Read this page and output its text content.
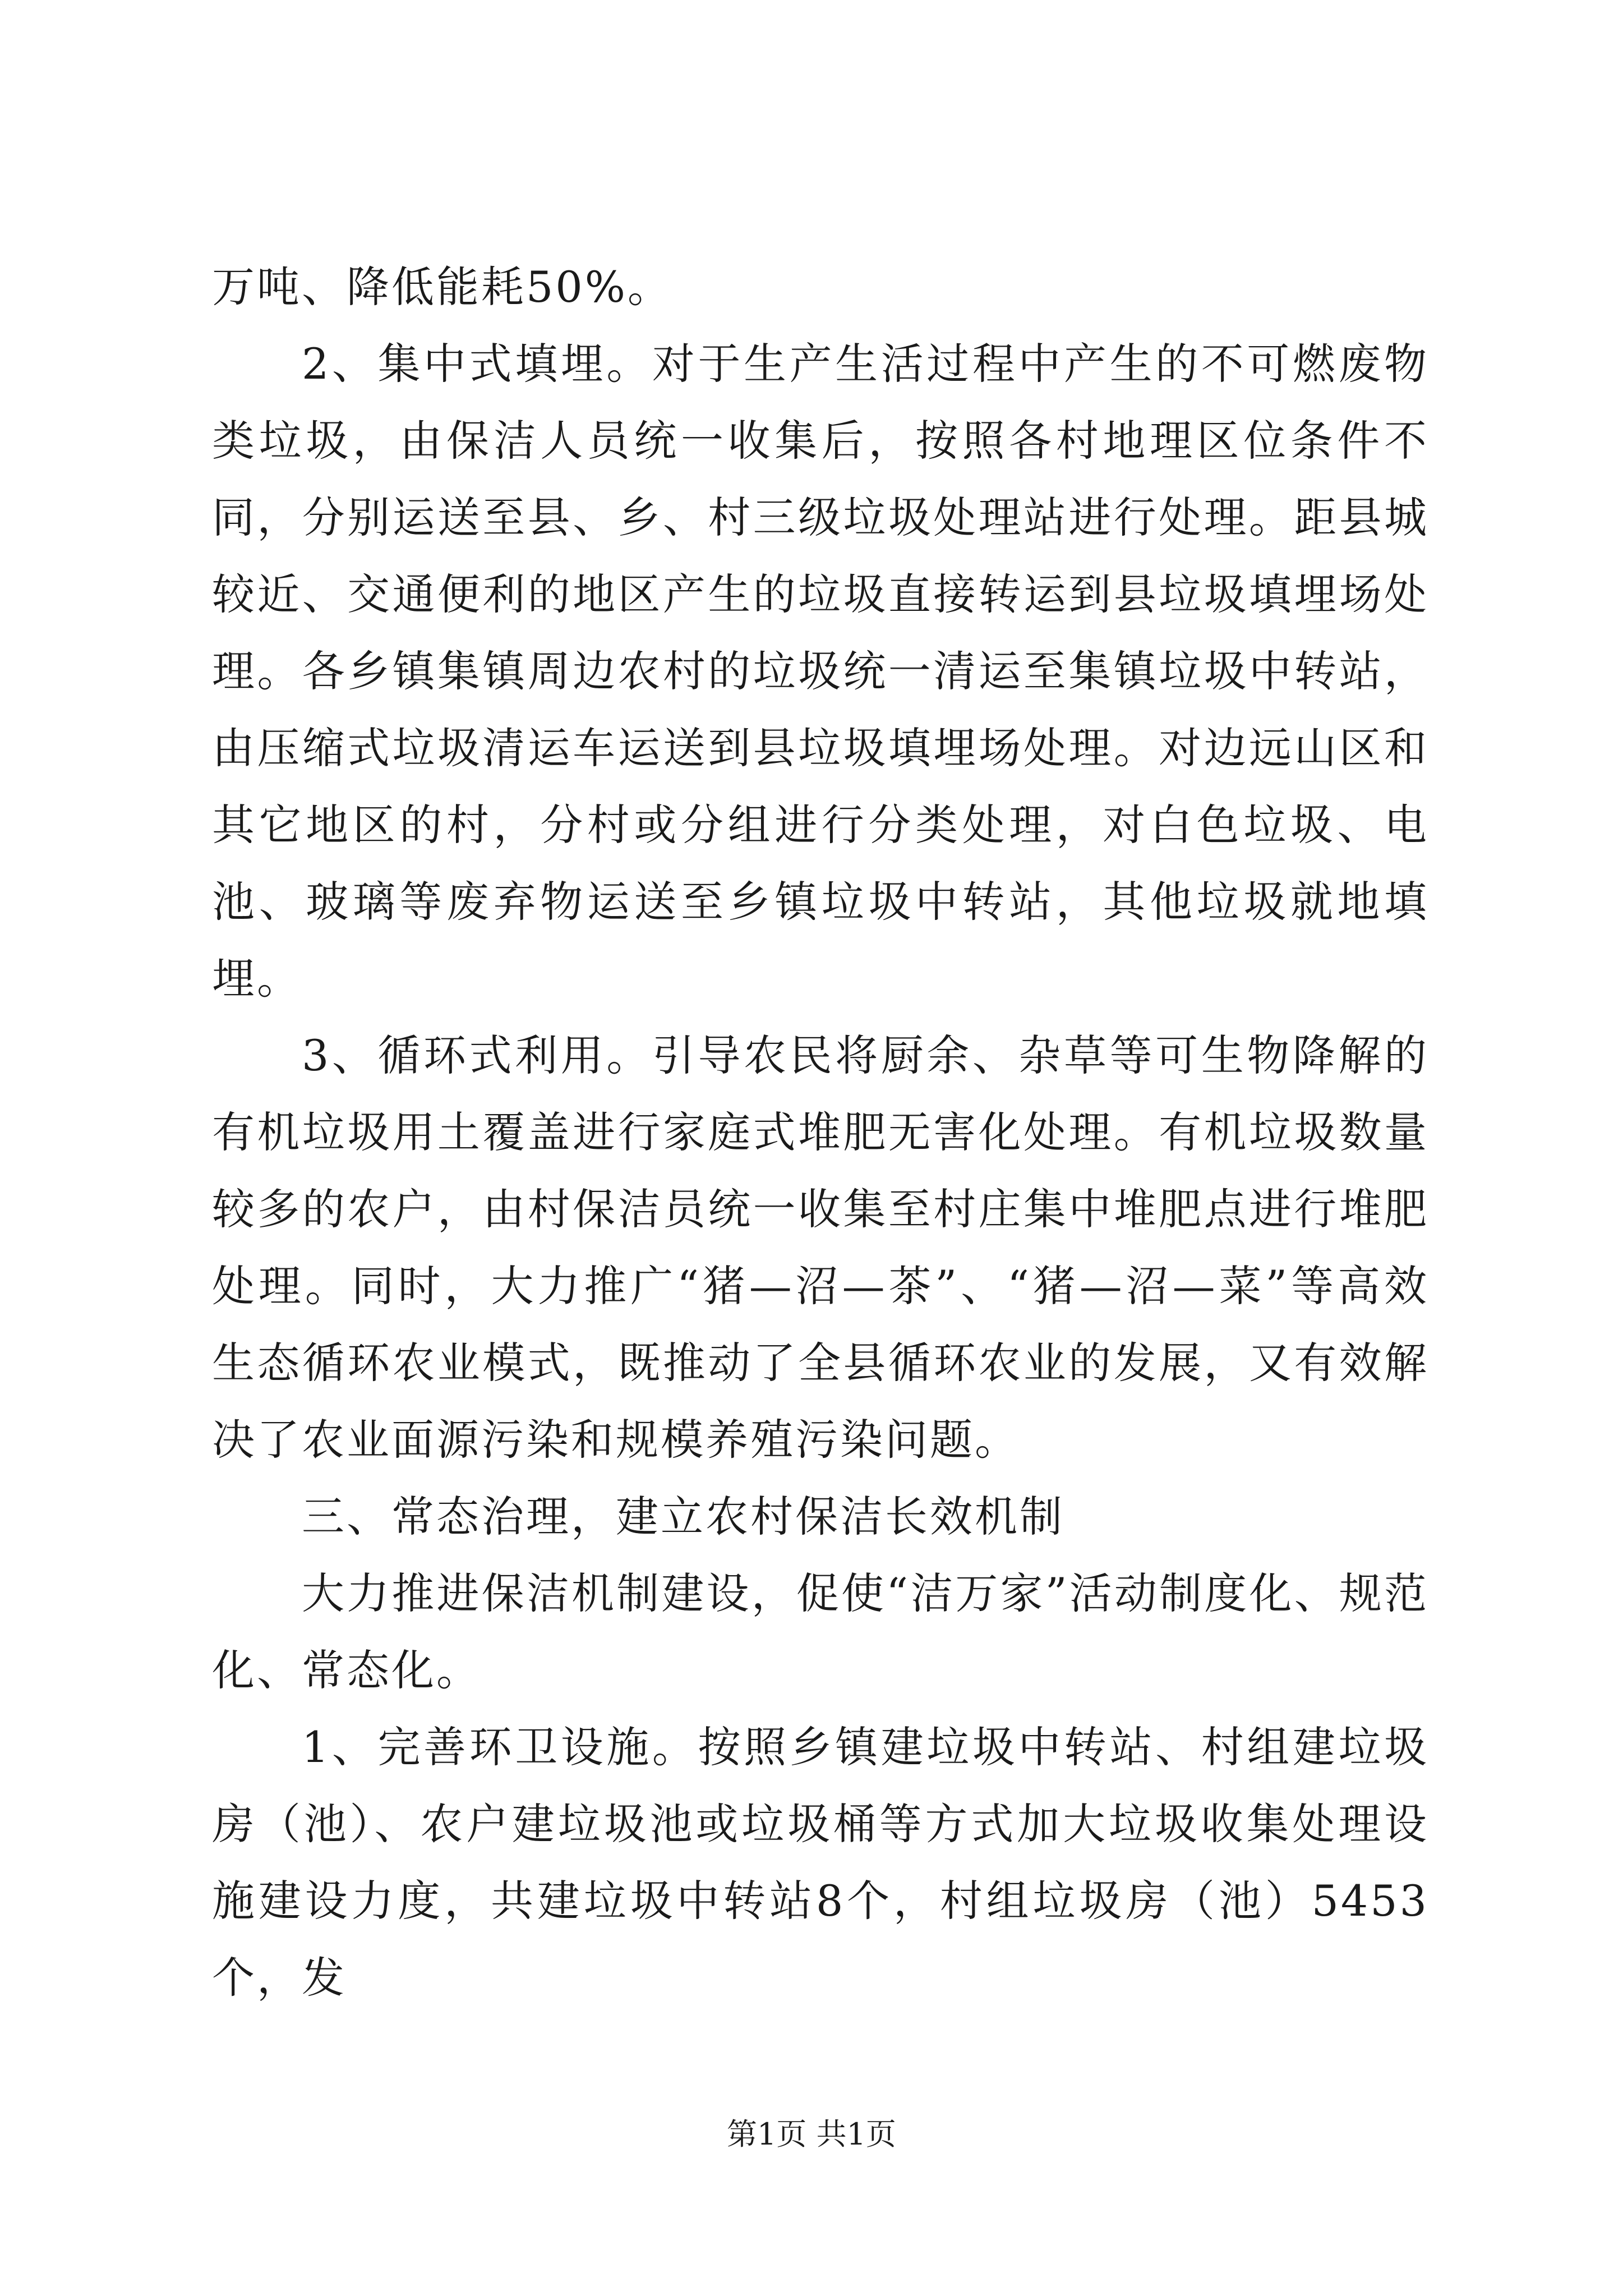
万吨、降低能耗50%。

2、集中式填埋。对于生产生活过程中产生的不可燃废物类垃圾，由保洁人员统一收集后，按照各村地理区位条件不同，分别运送至县、乡、村三级垃圾处理站进行处理。距县城较近、交通便利的地区产生的垃圾直接转运到县垃圾填埋场处理。各乡镇集镇周边农村的垃圾统一清运至集镇垃圾中转站，由压缩式垃圾清运车运送到县垃圾填埋场处理。对边远山区和其它地区的村，分村或分组进行分类处理，对白色垃圾、电池、玻璃等废弃物运送至乡镇垃圾中转站，其他垃圾就地填埋。

3、循环式利用。引导农民将厨余、杂草等可生物降解的有机垃圾用土覆盖进行家庭式堆肥无害化处理。有机垃圾数量较多的农户，由村保洁员统一收集至村庄集中堆肥点进行堆肥处理。同时，大力推广“猪—沼—茶”、“猪—沼—菜”等高效生态循环农业模式，既推动了全县循环农业的发展，又有效解决了农业面源污染和规模养殖污染问题。

三、常态治理，建立农村保洁长效机制

大力推进保洁机制建设，促使“洁万家”活动制度化、规范化、常态化。

1、完善环卫设施。按照乡镇建垃圾中转站、村组建垃圾房（池）、农户建垃圾池或垃圾桶等方式加大垃圾收集处理设施建设力度，共建垃圾中转站8个，村组垃圾房（池）5453个，发

第1页 共1页
